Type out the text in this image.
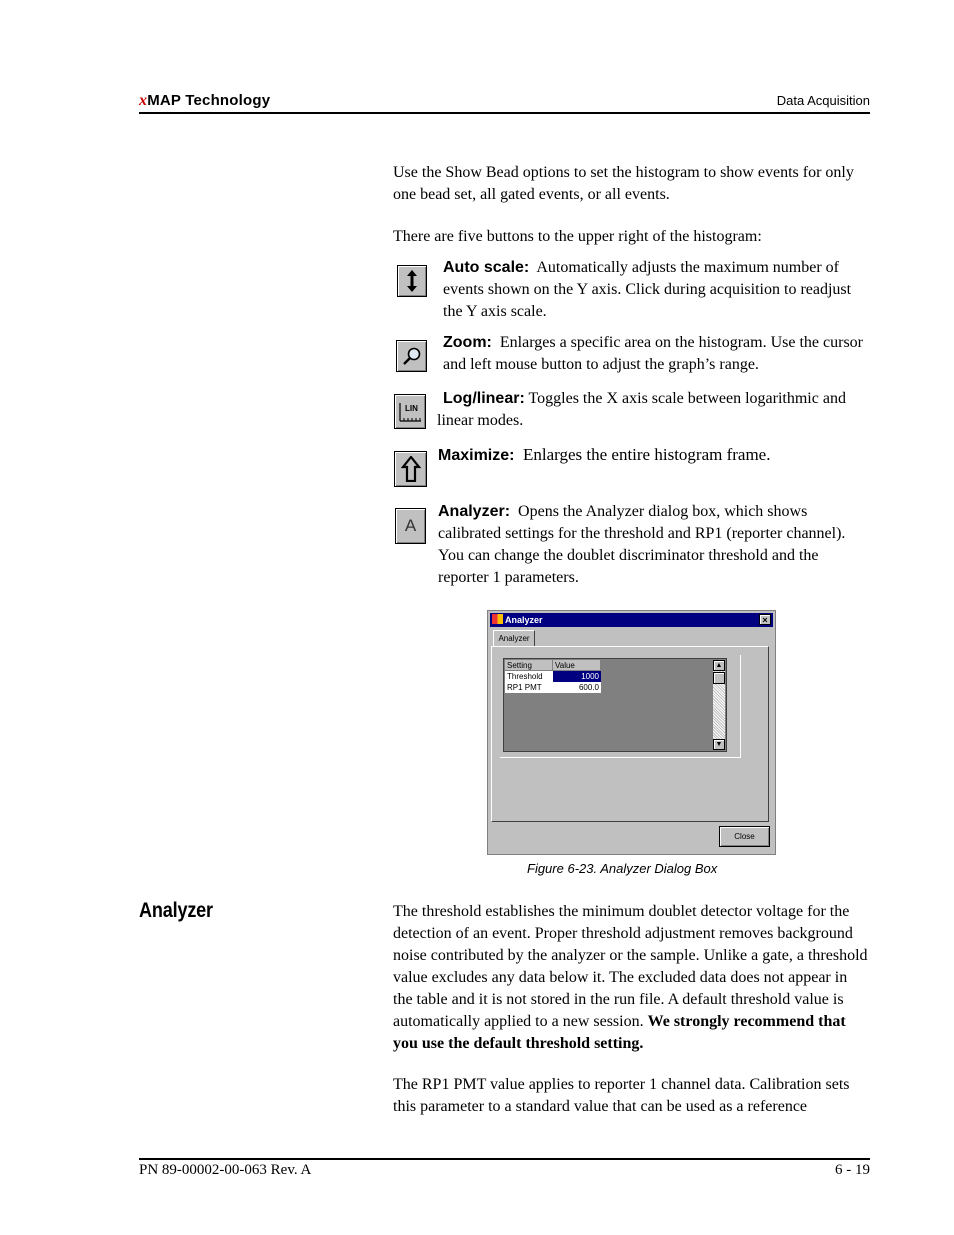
xMAP Technology	Data Acquisition
Use the Show Bead options to set the histogram to show events for only one bead set, all gated events, or all events.
There are five buttons to the upper right of the histogram:
Auto scale: Automatically adjusts the maximum number of events shown on the Y axis. Click during acquisition to readjust the Y axis scale.
Zoom: Enlarges a specific area on the histogram. Use the cursor and left mouse button to adjust the graph’s range.
LIN
Log/linear: Toggles the X axis scale between logarithmic and linear modes.
Maximize: Enlarges the entire histogram frame.
A
Analyzer: Opens the Analyzer dialog box, which shows calibrated settings for the threshold and RP1 (reporter channel). You can change the doublet discriminator threshold and the reporter 1 parameters.
Analyzer	×
Analyzer
Setting	Value
Threshold	1000
RP1 PMT	600.0
▲
▼
Close
Figure 6-23. Analyzer Dialog Box
Analyzer	The threshold establishes the minimum doublet detector voltage for the detection of an event. Proper threshold adjustment removes background noise contributed by the analyzer or the sample. Unlike a gate, a threshold value excludes any data below it. The excluded data does not appear in the table and it is not stored in the run file. A default threshold value is automatically applied to a new session. We strongly recommend that you use the default threshold setting.
The RP1 PMT value applies to reporter 1 channel data. Calibration sets this parameter to a standard value that can be used as a reference
PN 89-00002-00-063 Rev. A	6 - 19
